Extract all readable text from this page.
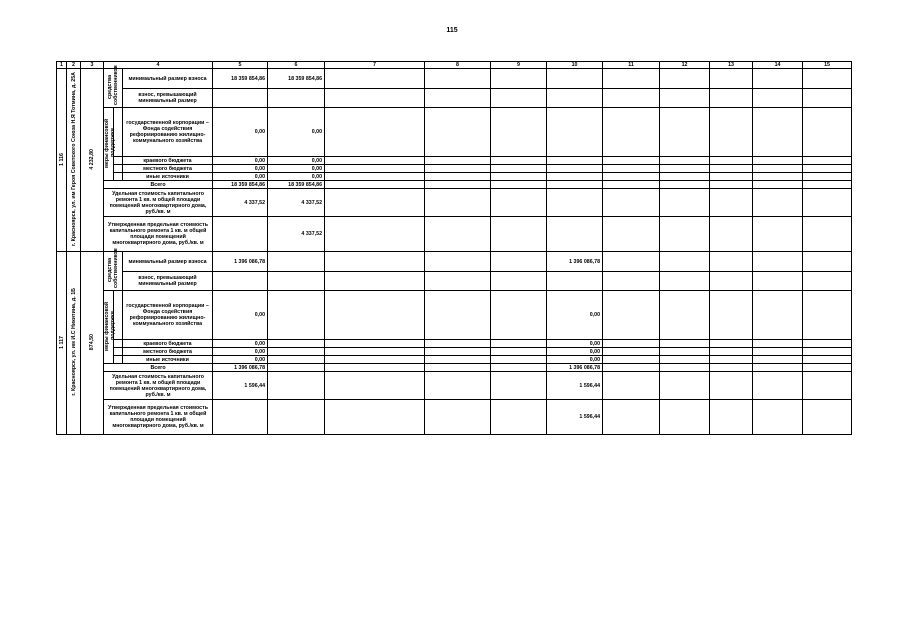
115
1	2	3	4			5	6	7	8	9	10	11	12	13	14	15
1 116	г. Красноярск, ул. им Героя Советского Союза Н.Я Тотмина, д. 25А	4 232,80	средства собственников		минимальный размер взноса	18 359 854,86	18 359 854,86									
					взнос, превышающий минимальный размер											
			меры финансовой поддержки		государственной корпорации – Фонда содействия реформированию жилищно-коммунального хозяйства	0,00	0,00									
					краевого бюджета	0,00	0,00									
					местного бюджета	0,00	0,00									
					иные источники	0,00	0,00									
			Всего			18 359 854,86	18 359 854,86									
			Удельная стоимость капитального ремонта 1 кв. м общей площади помещений многоквартирного дома, руб./кв. м			4 337,52	4 337,52									
			Утвержденная предельная стоимость капитального ремонта 1 кв. м общей площади помещений многоквартирного дома, руб./кв. м				4 337,52									
1 117	г. Красноярск, ул. им И.С Никитина, д. 1Б	874,50	средства собственников		минимальный размер взноса	1 396 086,78					1 396 086,78					
					взнос, превышающий минимальный размер											
			меры финансовой поддержки		государственной корпорации – Фонда содействия реформированию жилищно-коммунального хозяйства	0,00					0,00					
					краевого бюджета	0,00					0,00					
					местного бюджета	0,00					0,00					
					иные источники	0,00					0,00					
			Всего			1 396 086,78					1 396 086,78					
			Удельная стоимость капитального ремонта 1 кв. м общей площади помещений многоквартирного дома, руб./кв. м			1 596,44					1 596,44					
			Утвержденная предельная стоимость капитального ремонта 1 кв. м общей площади помещений многоквартирного дома, руб./кв. м								1 596,44					
